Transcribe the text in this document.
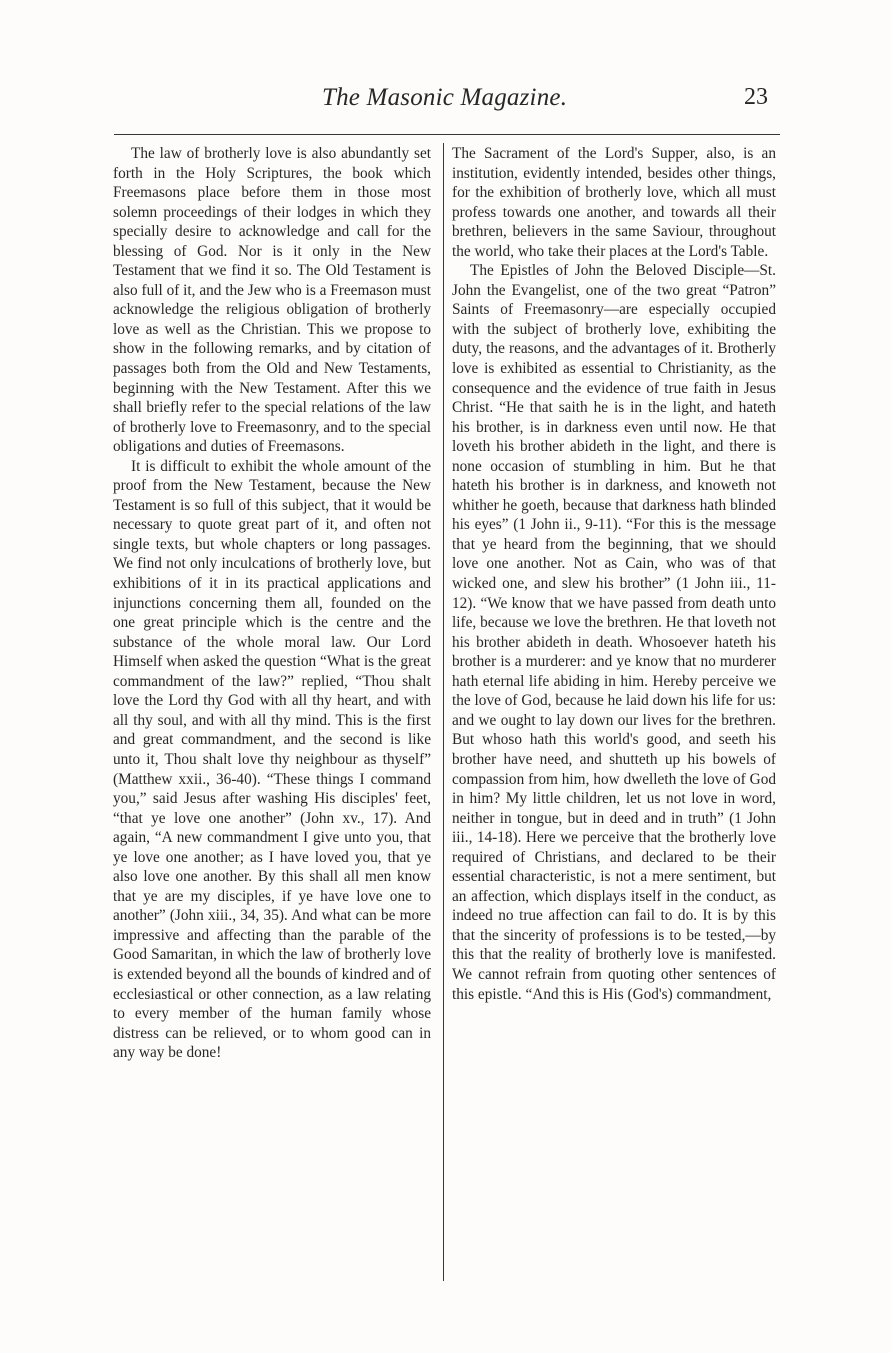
The Masonic Magazine.	23

The law of brotherly love is also abundantly set forth in the Holy Scriptures, the book which Freemasons place before them in those most solemn proceedings of their lodges in which they specially desire to acknowledge and call for the blessing of God. Nor is it only in the New Testament that we find it so. The Old Testament is also full of it, and the Jew who is a Freemason must acknowledge the religious obligation of brotherly love as well as the Christian. This we propose to show in the following remarks, and by citation of passages both from the Old and New Testaments, beginning with the New Testament. After this we shall briefly refer to the special relations of the law of brotherly love to Freemasonry, and to the special obligations and duties of Freemasons.

It is difficult to exhibit the whole amount of the proof from the New Testament, because the New Testament is so full of this subject, that it would be necessary to quote great part of it, and often not single texts, but whole chapters or long passages. We find not only inculcations of brotherly love, but exhibitions of it in its practical applications and injunctions concerning them all, founded on the one great principle which is the centre and the substance of the whole moral law. Our Lord Himself when asked the question “What is the great commandment of the law?” replied, “Thou shalt love the Lord thy God with all thy heart, and with all thy soul, and with all thy mind. This is the first and great commandment, and the second is like unto it, Thou shalt love thy neighbour as thyself” (Matthew xxii., 36-40). “These things I command you,” said Jesus after washing His disciples' feet, “that ye love one another” (John xv., 17). And again, “A new commandment I give unto you, that ye love one another; as I have loved you, that ye also love one another. By this shall all men know that ye are my disciples, if ye have love one to another” (John xiii., 34, 35). And what can be more impressive and affecting than the parable of the Good Samaritan, in which the law of brotherly love is extended beyond all the bounds of kindred and of ecclesiastical or other connection, as a law relating to every member of the human family whose distress can be relieved, or to whom good can in any way be done!

The Sacrament of the Lord's Supper, also, is an institution, evidently intended, besides other things, for the exhibition of brotherly love, which all must profess towards one another, and towards all their brethren, believers in the same Saviour, throughout the world, who take their places at the Lord's Table.

The Epistles of John the Beloved Disciple—St. John the Evangelist, one of the two great “Patron” Saints of Freemasonry—are especially occupied with the subject of brotherly love, exhibiting the duty, the reasons, and the advantages of it. Brotherly love is exhibited as essential to Christianity, as the consequence and the evidence of true faith in Jesus Christ. “He that saith he is in the light, and hateth his brother, is in darkness even until now. He that loveth his brother abideth in the light, and there is none occasion of stumbling in him. But he that hateth his brother is in darkness, and knoweth not whither he goeth, because that darkness hath blinded his eyes” (1 John ii., 9-11). “For this is the message that ye heard from the beginning, that we should love one another. Not as Cain, who was of that wicked one, and slew his brother” (1 John iii., 11-12). “We know that we have passed from death unto life, because we love the brethren. He that loveth not his brother abideth in death. Whosoever hateth his brother is a murderer: and ye know that no murderer hath eternal life abiding in him. Hereby perceive we the love of God, because he laid down his life for us: and we ought to lay down our lives for the brethren. But whoso hath this world's good, and seeth his brother have need, and shutteth up his bowels of compassion from him, how dwelleth the love of God in him? My little children, let us not love in word, neither in tongue, but in deed and in truth” (1 John iii., 14-18). Here we perceive that the brotherly love required of Christians, and declared to be their essential characteristic, is not a mere sentiment, but an affection, which displays itself in the conduct, as indeed no true affection can fail to do. It is by this that the sincerity of professions is to be tested,—by this that the reality of brotherly love is manifested. We cannot refrain from quoting other sentences of this epistle. “And this is His (God's) commandment,
